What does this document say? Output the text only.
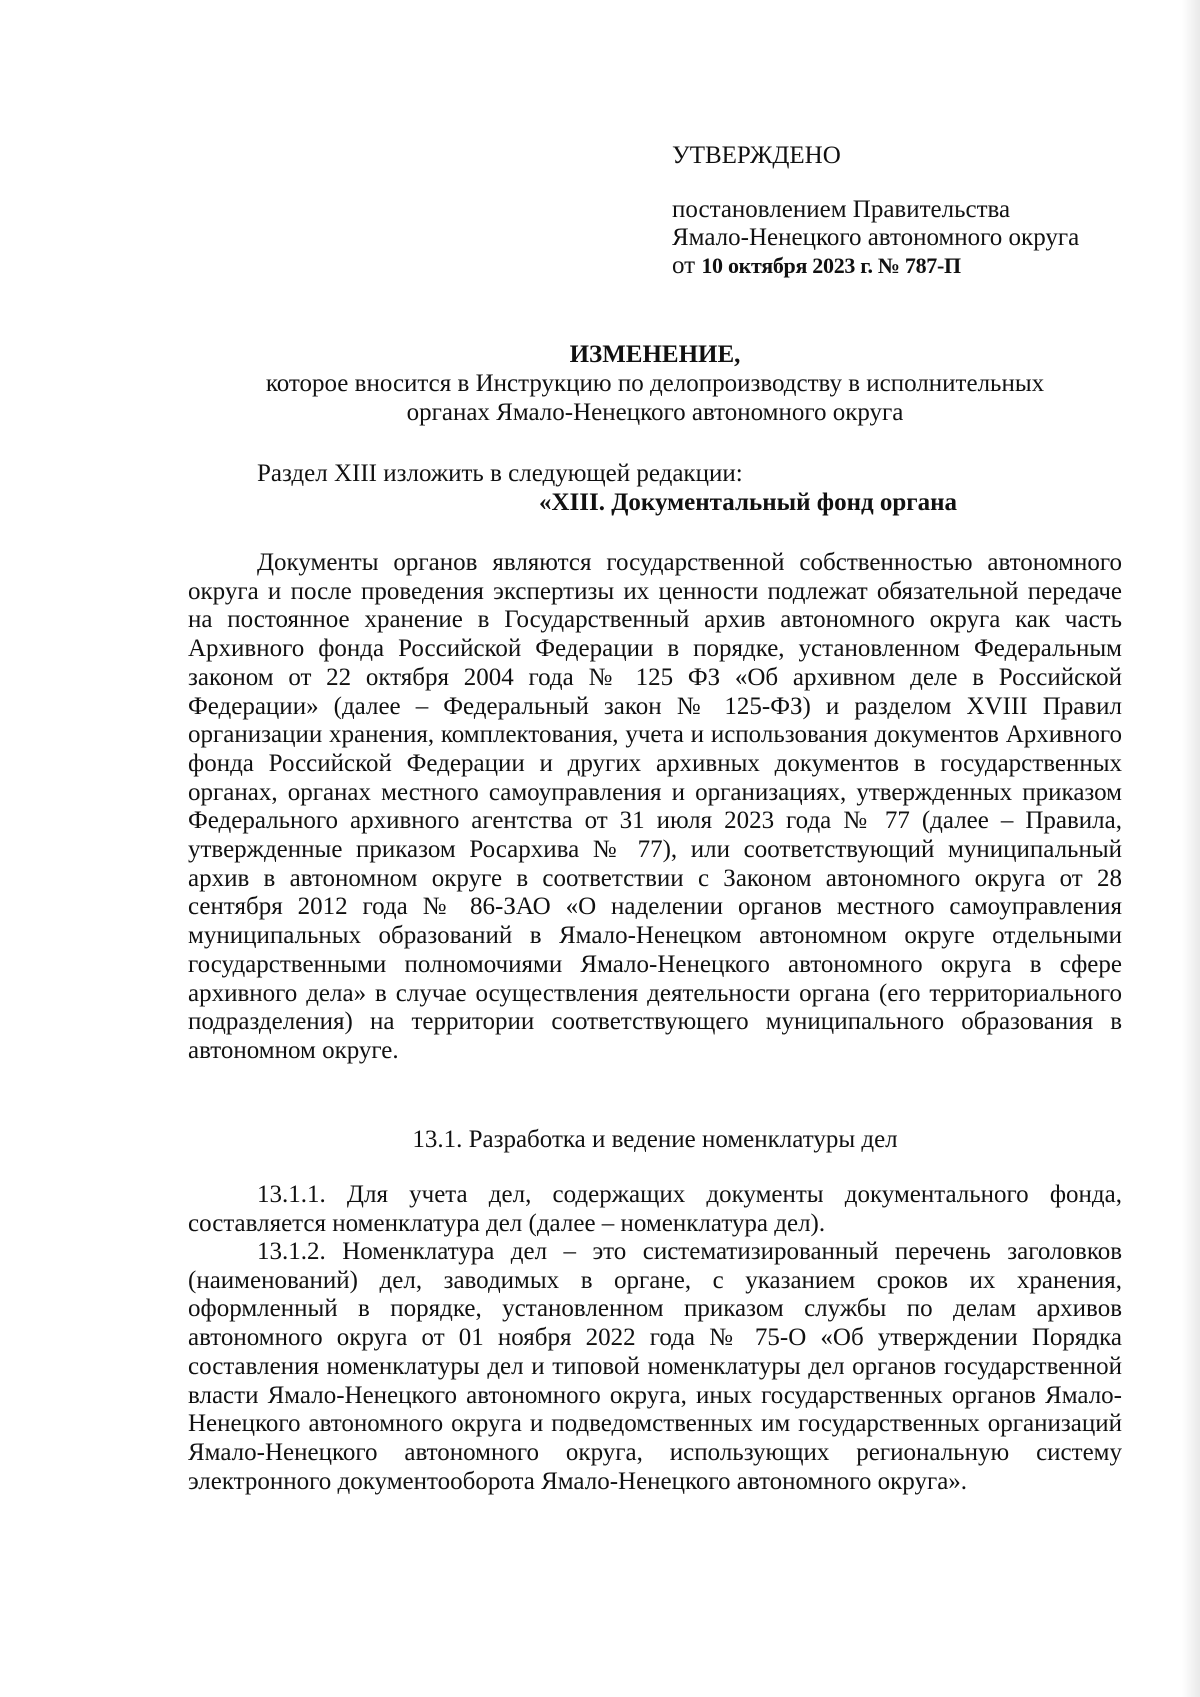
УТВЕРЖДЕНО
постановлением Правительства
Ямало-Ненецкого автономного округа
от 10 октября 2023 г. № 787-П
ИЗМЕНЕНИЕ,
которое вносится в Инструкцию по делопроизводству в исполнительных
органах Ямало-Ненецкого автономного округа
Раздел XIII изложить в следующей редакции:
«XIII. Документальный фонд органа

Документы органов являются государственной собственностью автономного округа и после проведения экспертизы их ценности подлежат обязательной передаче на постоянное хранение в Государственный архив автономного округа как часть Архивного фонда Российской Федерации в порядке, установленном Федеральным законом от 22 октября 2004 года № 125 ФЗ «Об архивном деле в Российской Федерации» (далее – Федеральный закон № 125-ФЗ) и разделом XVIII Правил организации хранения, комплектования, учета и использования документов Архивного фонда Российской Федерации и других архивных документов в государственных органах, органах местного самоуправления и организациях, утвержденных приказом Федерального архивного агентства от 31 июля 2023 года № 77 (далее – Правила, утвержденные приказом Росархива № 77), или соответствующий муниципальный архив в автономном округе в соответствии с Законом автономного округа от 28 сентября 2012 года № 86-ЗАО «О наделении органов местного самоуправления муниципальных образований в Ямало-Ненецком автономном округе отдельными государственными полномочиями Ямало-Ненецкого автономного округа в сфере архивного дела» в случае осуществления деятельности органа (его территориального подразделения) на территории соответствующего муниципального образования в автономном округе.

13.1. Разработка и ведение номенклатуры дел

13.1.1. Для учета дел, содержащих документы документального фонда, составляется номенклатура дел (далее – номенклатура дел).

13.1.2. Номенклатура дел – это систематизированный перечень заголовков (наименований) дел, заводимых в органе, с указанием сроков их хранения, оформленный в порядке, установленном приказом службы по делам архивов автономного округа от 01 ноября 2022 года № 75-О «Об утверждении Порядка составления номенклатуры дел и типовой номенклатуры дел органов государственной власти Ямало-Ненецкого автономного округа, иных государственных органов Ямало-Ненецкого автономного округа и подведомственных им государственных организаций Ямало-Ненецкого автономного округа, использующих региональную систему электронного документооборота Ямало-Ненецкого автономного округа».
